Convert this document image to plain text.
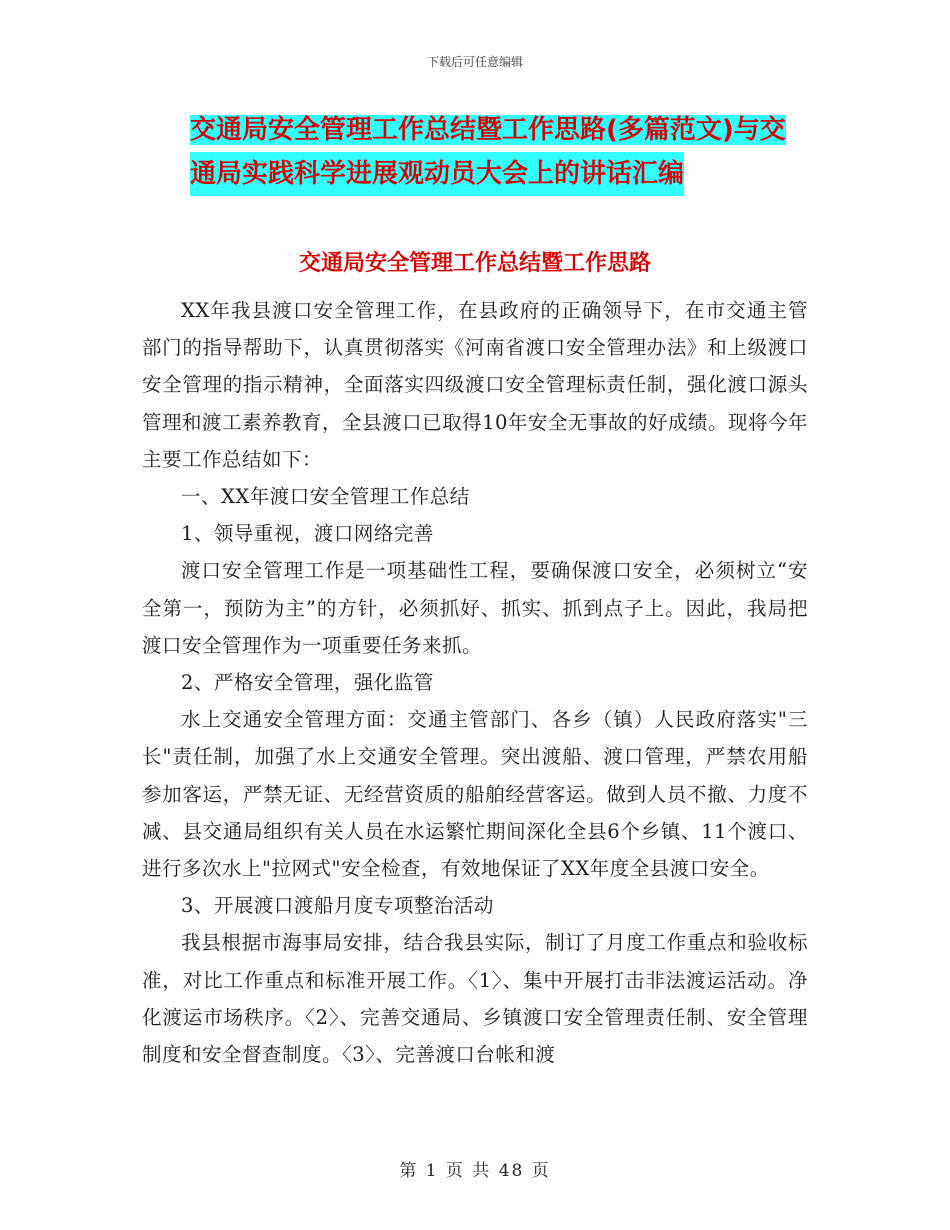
下载后可任意编辑
交通局安全管理工作总结暨工作思路(多篇范文)与交
通局实践科学进展观动员大会上的讲话汇编
交通局安全管理工作总结暨工作思路

XX年我县渡口安全管理工作，在县政府的正确领导下，在市交通主管部门的指导帮助下，认真贯彻落实《河南省渡口安全管理办法》和上级渡口安全管理的指示精神，全面落实四级渡口安全管理标责任制，强化渡口源头管理和渡工素养教育，全县渡口已取得10年安全无事故的好成绩。现将今年主要工作总结如下：

一、XX年渡口安全管理工作总结

1、领导重视，渡口网络完善

渡口安全管理工作是一项基础性工程，要确保渡口安全，必须树立“安全第一，预防为主”的方针，必须抓好、抓实、抓到点子上。因此，我局把渡口安全管理作为一项重要任务来抓。

2、严格安全管理，强化监管

水上交通安全管理方面：交通主管部门、各乡（镇）人民政府落实"三长"责任制，加强了水上交通安全管理。突出渡船、渡口管理，严禁农用船参加客运，严禁无证、无经营资质的船舶经营客运。做到人员不撤、力度不减、县交通局组织有关人员在水运繁忙期间深化全县6个乡镇、11个渡口、进行多次水上"拉网式"安全检查，有效地保证了XX年度全县渡口安全。

3、开展渡口渡船月度专项整治活动

我县根据市海事局安排，结合我县实际，制订了月度工作重点和验收标准，对比工作重点和标准开展工作。〈1〉、集中开展打击非法渡运活动。净化渡运市场秩序。〈2〉、完善交通局、乡镇渡口安全管理责任制、安全管理制度和安全督查制度。〈3〉、完善渡口台帐和渡

第 1 页 共 48 页
